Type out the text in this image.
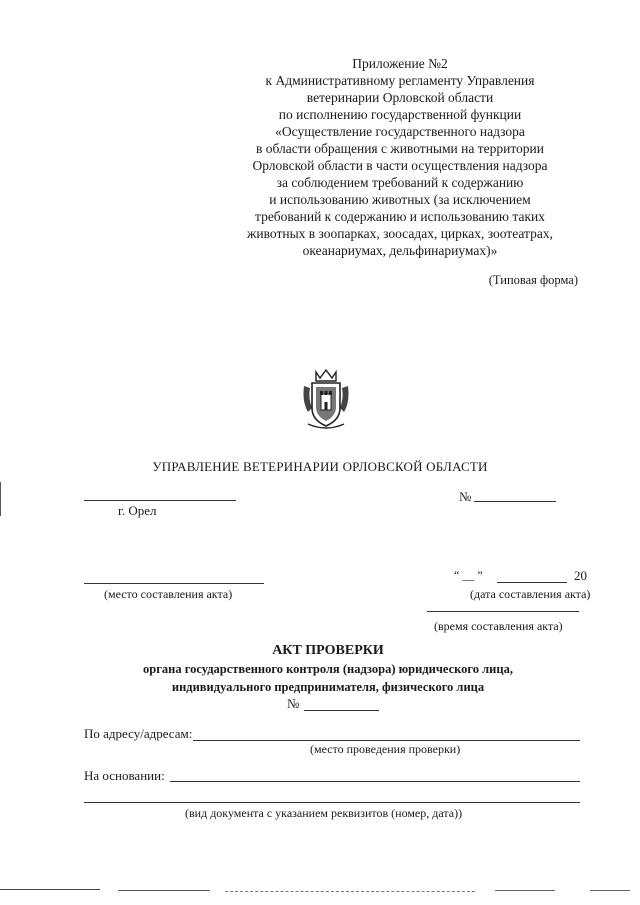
Приложение №2
к Административному регламенту Управления
ветеринарии Орловской области
по исполнению государственной функции
«Осуществление государственного надзора
в области обращения с животными на территории
Орловской области в части осуществления надзора
за соблюдением требований к содержанию
и использованию животных (за исключением
требований к содержанию и использованию таких
животных в зоопарках, зоосадах, цирках, зоотеатрах,
океанариумах, дельфинариумах)»
(Типовая форма)
УПРАВЛЕНИЕ ВЕТЕРИНАРИИ ОРЛОВСКОЙ ОБЛАСТИ
г. Орел
№
(место составления акта)
“ __ ”	20
(дата составления акта)
(время составления акта)
АКТ ПРОВЕРКИ
органа государственного контроля (надзора) юридического лица,
индивидуального предпринимателя, физического лица
№
По адресу/адресам:
(место проведения проверки)
На основании:
(вид документа с указанием реквизитов (номер, дата))
